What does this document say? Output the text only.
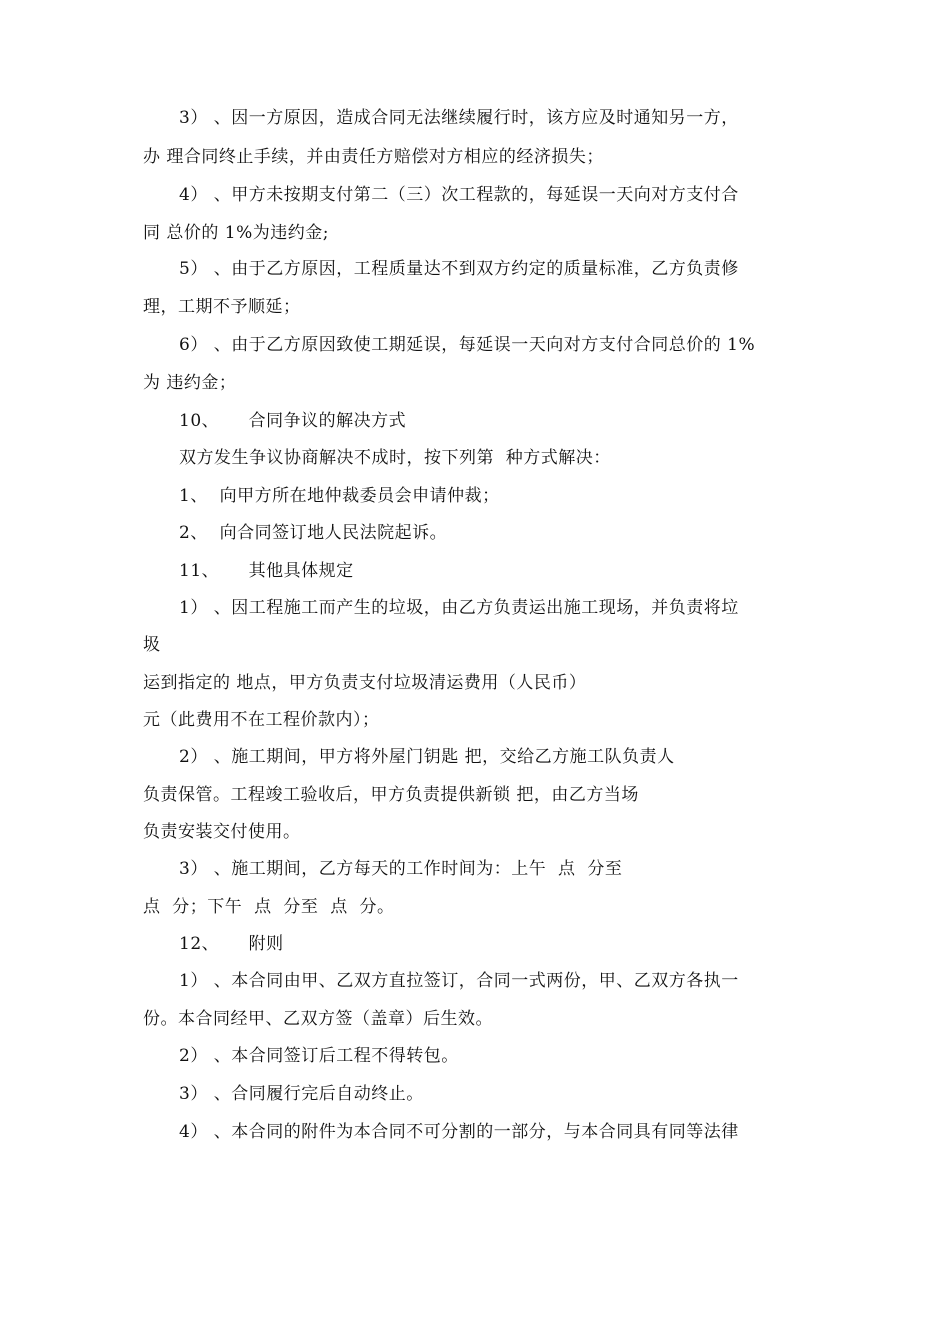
3） 、因一方原因，造成合同无法继续履行时，该方应及时通知另一方，
办 理合同终止手续，并由责任方赔偿对方相应的经济损失；
4） 、甲方未按期支付第二（三）次工程款的，每延误一天向对方支付合
同 总价的 1%为违约金;
5） 、由于乙方原因，工程质量达不到双方约定的质量标准，乙方负责修
理，工期不予顺延；
6） 、由于乙方原因致使工期延误，每延误一天向对方支付合同总价的 1%
为 违约金；
10、     合同争议的解决方式
双方发生争议协商解决不成时，按下列第  种方式解决：
1、  向甲方所在地仲裁委员会申请仲裁；
2、  向合同签订地人民法院起诉。
11、     其他具体规定
1） 、因工程施工而产生的垃圾，由乙方负责运出施工现场，并负责将垃
圾
运到指定的 地点，甲方负责支付垃圾清运费用（人民币）
元（此费用不在工程价款内）；
2） 、施工期间，甲方将外屋门钥匙 把，交给乙方施工队负责人
负责保管。工程竣工验收后，甲方负责提供新锁 把，由乙方当场
负责安装交付使用。
3） 、施工期间，乙方每天的工作时间为：上午  点  分至
点  分；下午  点  分至  点  分。
12、     附则
1） 、本合同由甲、乙双方直拉签订，合同一式两份，甲、乙双方各执一
份。本合同经甲、乙双方签（盖章）后生效。
2） 、本合同签订后工程不得转包。
3） 、合同履行完后自动终止。
4） 、本合同的附件为本合同不可分割的一部分，与本合同具有同等法律
